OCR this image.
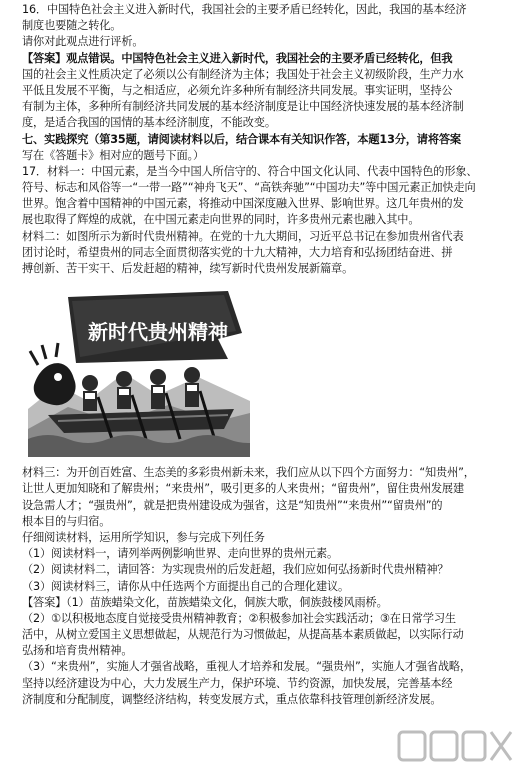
16．中国特色社会主义进入新时代，我国社会的主要矛盾已经转化，因此，我国的基本经济
制度也要随之转化。
请你对此观点进行评析。
【答案】观点错误。中国特色社会主义进入新时代，我国社会的主要矛盾已经转化，但我
国的社会主义性质决定了必须以公有制经济为主体；我国处于社会主义初级阶段，生产力水
平低且发展不平衡，与之相适应，必须允许多种所有制经济共同发展。事实证明，坚持公
有制为主体，多种所有制经济共同发展的基本经济制度是让中国经济快速发展的基本经济制
度，是适合我国的国情的基本经济制度，不能改变。
七、实践探究（第35题，请阅读材料以后，结合课本有关知识作答，本题13分，请将答案
写在《答题卡》相对应的题号下面。）
17．材料一：中国元素，是当今中国人所信守的、符合中国文化认同、代表中国特色的形象、
符号、标志和风俗等一“一带一路”“神舟飞天”、“高铁奔驰”“中国功夫”等中国元素正加快走向
世界。饱含着中国精神的中国元素，将推动中国深度融入世界、影响世界。这几年贵州的发
展也取得了辉煌的成就，在中国元素走向世界的同时，许多贵州元素也融入其中。
材料二：如图所示为新时代贵州精神。在党的十九大期间，习近平总书记在参加贵州省代表
团讨论时，希望贵州的同志全面贯彻落实党的十九大精神，大力培育和弘扬团结奋进、拼
搏创新、苦干实干、后发赶超的精神，续写新时代贵州发展新篇章。
新时代贵州精神
材料三：为开创百姓富、生态美的多彩贵州新未来，我们应从以下四个方面努力：“知贵州”，
让世人更加知晓和了解贵州；“来贵州”，吸引更多的人来贵州；“留贵州”，留住贵州发展建
设急需人才；“强贵州”，就是把贵州建设成为强省，这是“知贵州”“来贵州”“留贵州”的
根本目的与归宿。
仔细阅读材料，运用所学知识，参与完成下列任务
（1）阅读材料一，请列举两例影响世界、走向世界的贵州元素。
（2）阅读材料二，请回答：为实现贵州的后发赶超，我们应如何弘扬新时代贵州精神？
（3）阅读材料三，请你从中任选两个方面提出自己的合理化建议。
【答案】（1）苗族蜡染文化，苗族蜡染文化，侗族大歌，侗族鼓楼风雨桥。
（2）①以积极地态度自觉接受贵州精神教育；②积极参加社会实践活动；③在日常学习生
活中，从树立爱国主义思想做起，从规范行为习惯做起，从提高基本素质做起，以实际行动
弘扬和培育贵州精神。
（3）“来贵州”，实施人才强省战略，重视人才培养和发展。“强贵州”，实施人才强省战略，
坚持以经济建设为中心，大力发展生产力，保护环境、节约资源，加快发展，完善基本经
济制度和分配制度，调整经济结构，转变发展方式，重点依靠科技管理创新经济发展。
